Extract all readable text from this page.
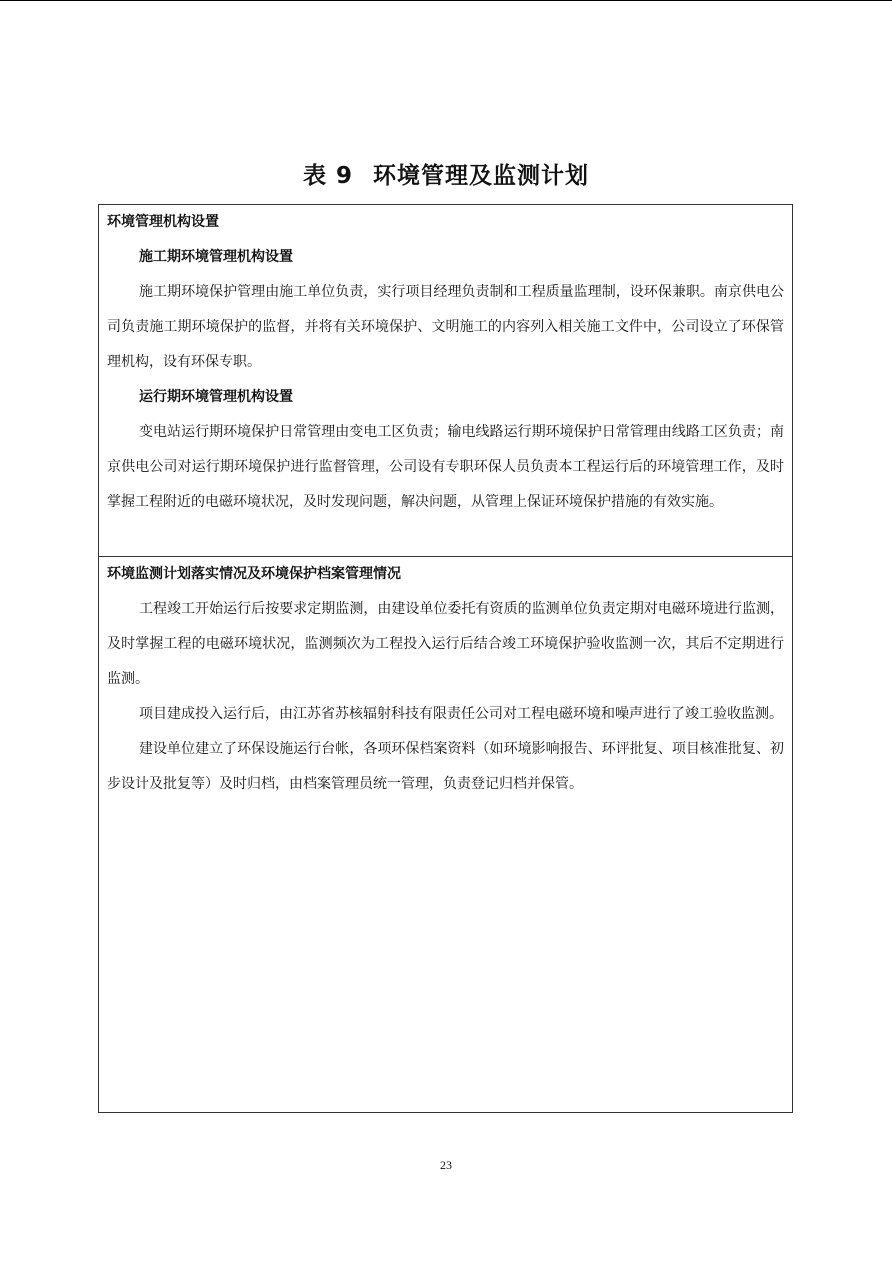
表 9 环境管理及监测计划
环境管理机构设置
施工期环境管理机构设置

施工期环境保护管理由施工单位负责，实行项目经理负责制和工程质量监理制，设环保兼职。南京供电公司负责施工期环境保护的监督，并将有关环境保护、文明施工的内容列入相关施工文件中，公司设立了环保管理机构，设有环保专职。

运行期环境管理机构设置

变电站运行期环境保护日常管理由变电工区负责；输电线路运行期环境保护日常管理由线路工区负责；南京供电公司对运行期环境保护进行监督管理，公司设有专职环保人员负责本工程运行后的环境管理工作，及时掌握工程附近的电磁环境状况，及时发现问题，解决问题，从管理上保证环境保护措施的有效实施。

环境监测计划落实情况及环境保护档案管理情况

工程竣工开始运行后按要求定期监测，由建设单位委托有资质的监测单位负责定期对电磁环境进行监测，及时掌握工程的电磁环境状况，监测频次为工程投入运行后结合竣工环境保护验收监测一次，其后不定期进行监测。

项目建成投入运行后，由江苏省苏核辐射科技有限责任公司对工程电磁环境和噪声进行了竣工验收监测。

建设单位建立了环保设施运行台帐，各项环保档案资料（如环境影响报告、环评批复、项目核准批复、初步设计及批复等）及时归档，由档案管理员统一管理，负责登记归档并保管。

23
